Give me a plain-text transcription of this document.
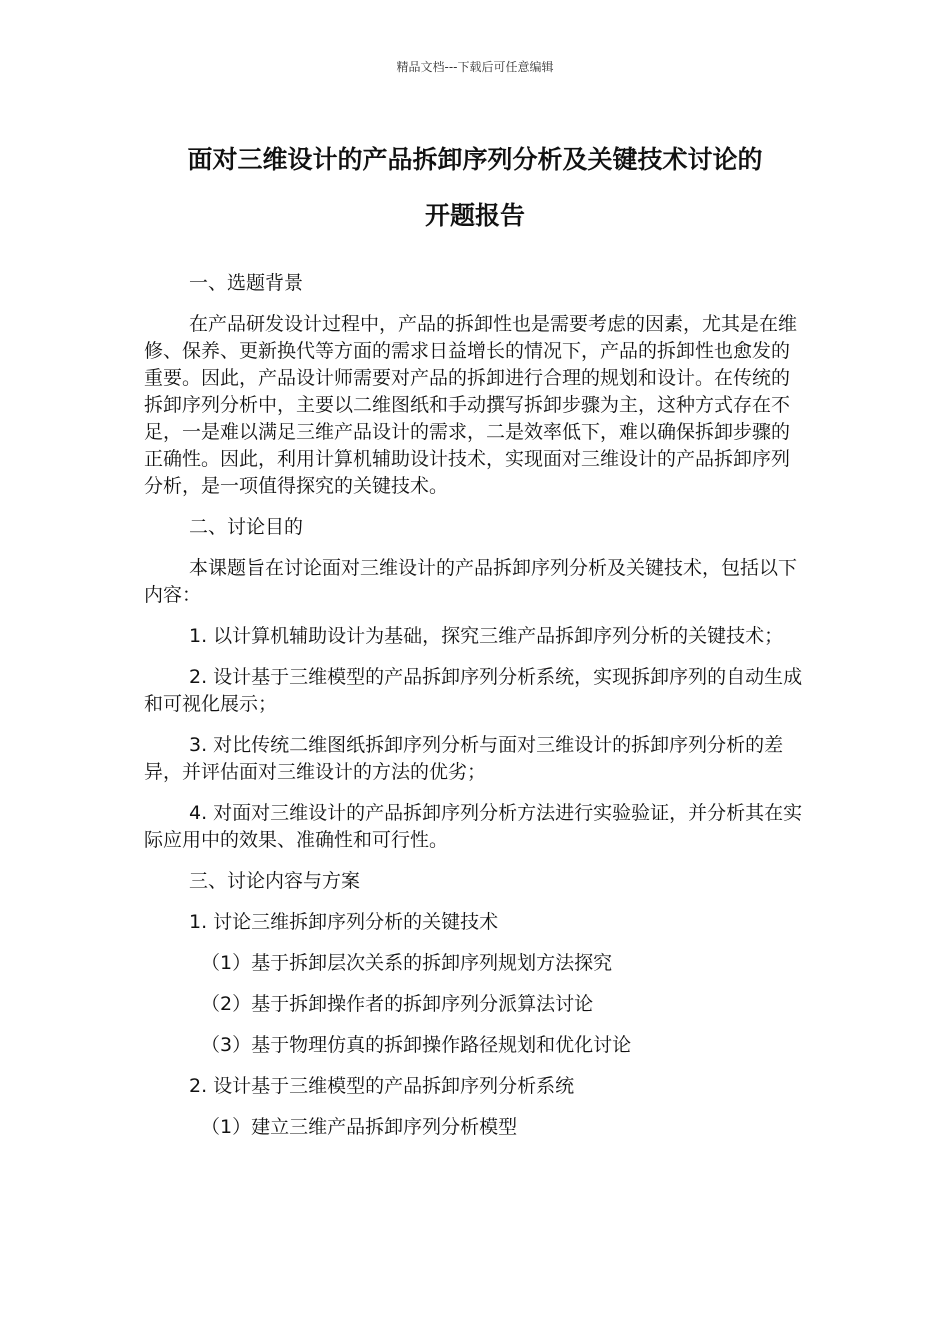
精品文档---下载后可任意编辑
面对三维设计的产品拆卸序列分析及关键技术讨论的
开题报告

一、选题背景

在产品研发设计过程中，产品的拆卸性也是需要考虑的因素，尤其是在维修、保养、更新换代等方面的需求日益增长的情况下，产品的拆卸性也愈发的重要。因此，产品设计师需要对产品的拆卸进行合理的规划和设计。在传统的拆卸序列分析中，主要以二维图纸和手动撰写拆卸步骤为主，这种方式存在不足，一是难以满足三维产品设计的需求，二是效率低下，难以确保拆卸步骤的正确性。因此，利用计算机辅助设计技术，实现面对三维设计的产品拆卸序列分析，是一项值得探究的关键技术。

二、讨论目的

本课题旨在讨论面对三维设计的产品拆卸序列分析及关键技术，包括以下内容：

1. 以计算机辅助设计为基础，探究三维产品拆卸序列分析的关键技术；

2. 设计基于三维模型的产品拆卸序列分析系统，实现拆卸序列的自动生成和可视化展示；

3. 对比传统二维图纸拆卸序列分析与面对三维设计的拆卸序列分析的差异，并评估面对三维设计的方法的优劣；

4. 对面对三维设计的产品拆卸序列分析方法进行实验验证，并分析其在实际应用中的效果、准确性和可行性。

三、讨论内容与方案

1. 讨论三维拆卸序列分析的关键技术

（1）基于拆卸层次关系的拆卸序列规划方法探究

（2）基于拆卸操作者的拆卸序列分派算法讨论

（3）基于物理仿真的拆卸操作路径规划和优化讨论

2. 设计基于三维模型的产品拆卸序列分析系统

（1）建立三维产品拆卸序列分析模型
